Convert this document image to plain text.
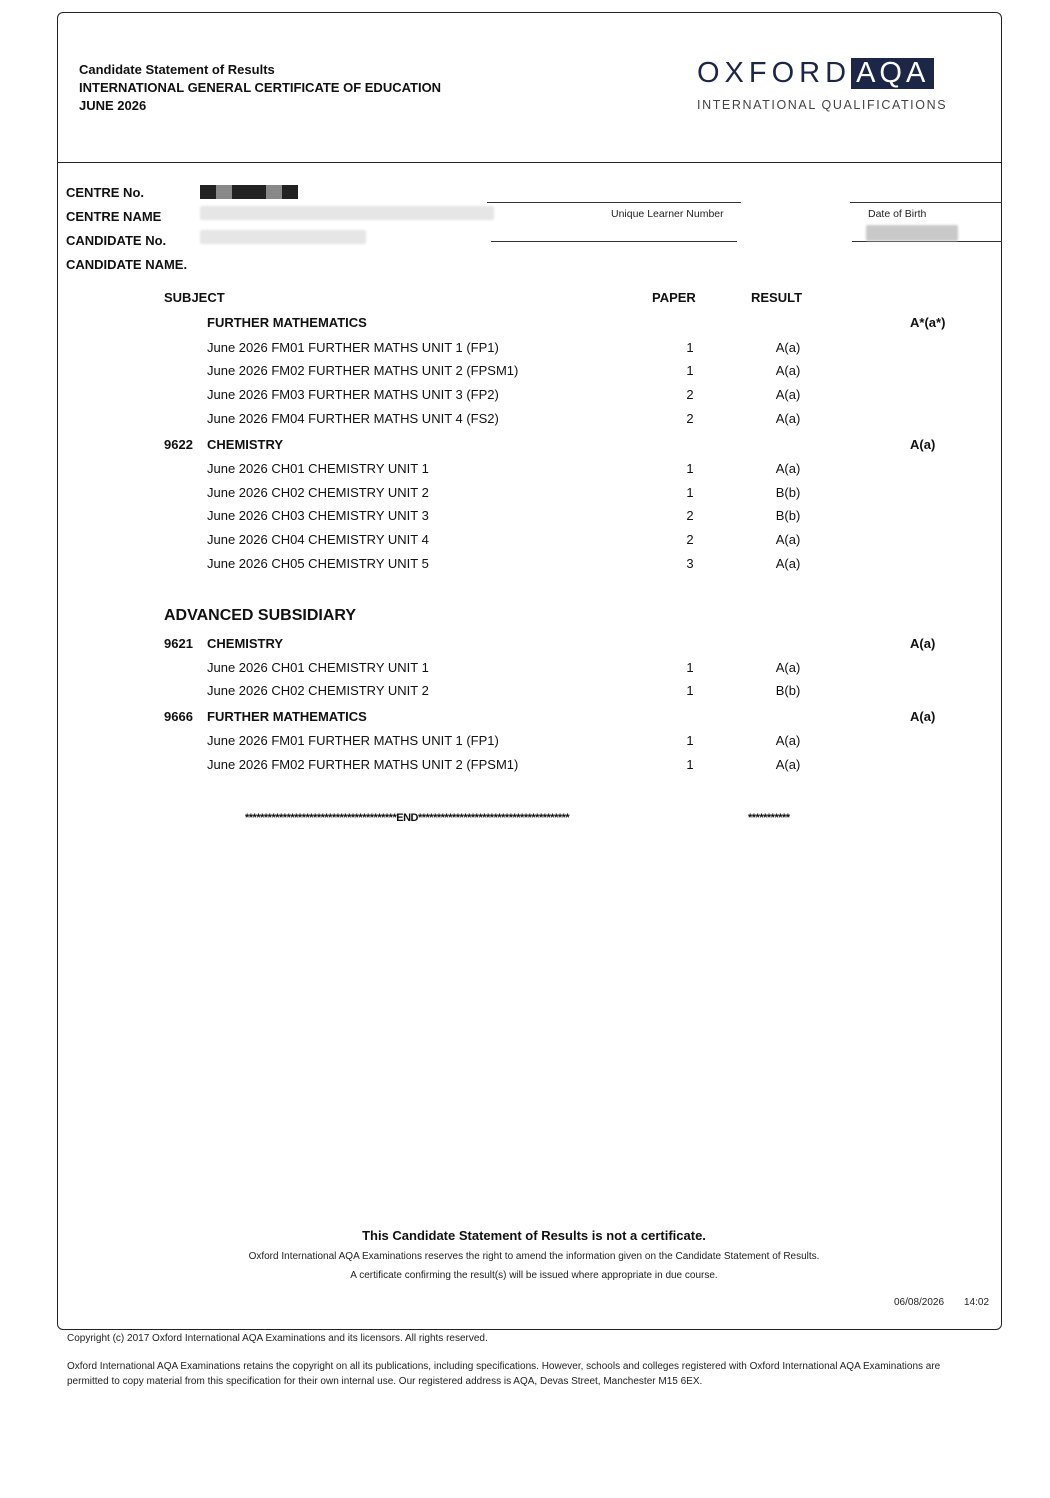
Candidate Statement of Results
INTERNATIONAL GENERAL CERTIFICATE OF EDUCATION
JUNE 2026
OXFORD AQA
INTERNATIONAL QUALIFICATIONS
CENTRE No.
CENTRE NAME
CANDIDATE No.
CANDIDATE NAME.
Unique Learner Number	Date of Birth
SUBJECT	PAPER	RESULT
FURTHER MATHEMATICS	A*(a*)
June 2026 FM01 FURTHER MATHS UNIT 1 (FP1)	1	A(a)
June 2026 FM02 FURTHER MATHS UNIT 2 (FPSM1)	1	A(a)
June 2026 FM03 FURTHER MATHS UNIT 3 (FP2)	2	A(a)
June 2026 FM04 FURTHER MATHS UNIT 4 (FS2)	2	A(a)
9622 CHEMISTRY	A(a)
June 2026 CH01 CHEMISTRY UNIT 1	1	A(a)
June 2026 CH02 CHEMISTRY UNIT 2	1	B(b)
June 2026 CH03 CHEMISTRY UNIT 3	2	B(b)
June 2026 CH04 CHEMISTRY UNIT 4	2	A(a)
June 2026 CH05 CHEMISTRY UNIT 5	3	A(a)
ADVANCED SUBSIDIARY
9621 CHEMISTRY	A(a)
June 2026 CH01 CHEMISTRY UNIT 1	1	A(a)
June 2026 CH02 CHEMISTRY UNIT 2	1	B(b)
9666 FURTHER MATHEMATICS	A(a)
June 2026 FM01 FURTHER MATHS UNIT 1 (FP1)	1	A(a)
June 2026 FM02 FURTHER MATHS UNIT 2 (FPSM1)	1	A(a)
****************************************END****************************************	***********
This Candidate Statement of Results is not a certificate.
Oxford International AQA Examinations reserves the right to amend the information given on the Candidate Statement of Results.
A certificate confirming the result(s) will be issued where appropriate in due course.
06/08/2026 14:02
Copyright (c) 2017 Oxford International AQA Examinations and its licensors. All rights reserved.
Oxford International AQA Examinations retains the copyright on all its publications, including specifications. However, schools and colleges registered with Oxford International AQA Examinations are
permitted to copy material from this specification for their own internal use. Our registered address is AQA, Devas Street, Manchester M15 6EX.
